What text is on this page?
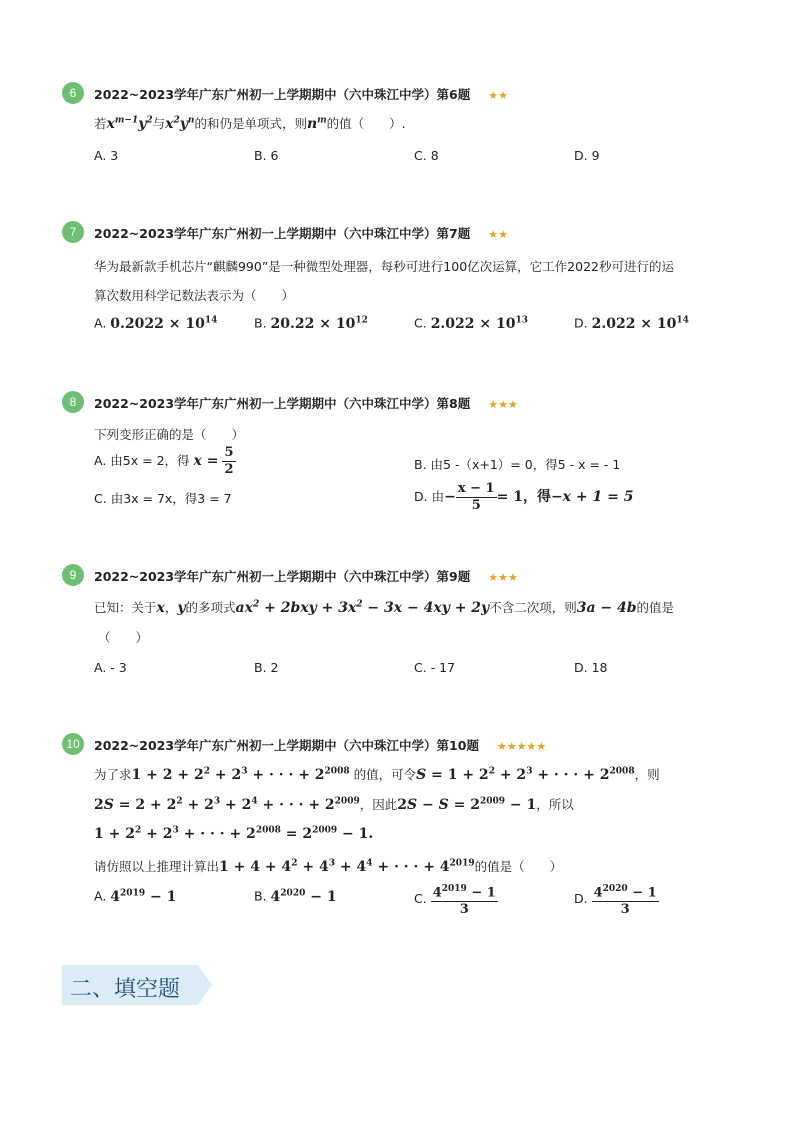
6	2022~2023学年广东广州初一上学期期中（六中珠江中学）第6题 ★★
若$x^{m-1}y^2$与$x^2y^n$的和仍是单项式，则$n^m$的值（　　）.
A. 3	B. 6	C. 8	D. 9
7	2022~2023学年广东广州初一上学期期中（六中珠江中学）第7题 ★★
华为最新款手机芯片“麒麟990”是一种微型处理器，每秒可进行100亿次运算，它工作2022秒可进行的运
算次数用科学记数法表示为（　　）
A. $0.2022 \times 10^{14}$	B. $20.22 \times 10^{12}$	C. $2.022 \times 10^{13}$	D. $2.022 \times 10^{14}$
8	2022~2023学年广东广州初一上学期期中（六中珠江中学）第8题 ★★★
下列变形正确的是（　　）
A. 由5x = 2，得 $x = \frac{5}{2}$	B. 由5 -（x+1）= 0，得5 - x = - 1
C. 由3x = 7x，得3 = 7	D. 由− $\frac{x - 1}{5} = 1$，得−x + 1 = 5
9	2022~2023学年广东广州初一上学期期中（六中珠江中学）第9题 ★★★
已知：关于x，y的多项式$ax^2 + 2bxy + 3x^2 - 3x - 4xy + 2y$不含二次项，则3a − 4b的值是
（　　）
A. - 3	B. 2	C. - 17	D. 18
10	2022~2023学年广东广州初一上学期期中（六中珠江中学）第10题 ★★★★★
为了求$1 + 2 + 2^2 + 2^3$ + · · · + $2^{2008}$ 的值，可令$S = 1 + 2^2 + 2^3$ + · · · + $2^{2008}$，则
$2S = 2 + 2^2 + 2^3 + 2^4$ + · · · + $2^{2009}$，因此$2S - S = 2^{2009} - 1$，所以
$1 + 2^2 + 2^3$ + · · · + $2^{2008} = 2^{2009} - 1$.
请仿照以上推理计算出$1 + 4 + 4^2 + 4^3 + 4^4$ + · · · + $4^{2019}$的值是（　　）
A. $4^{2019} - 1$	B. $4^{2020} - 1$	C. $\frac{4^{2019} - 1}{3}$	D. $\frac{4^{2020} - 1}{3}$
二、填空题
